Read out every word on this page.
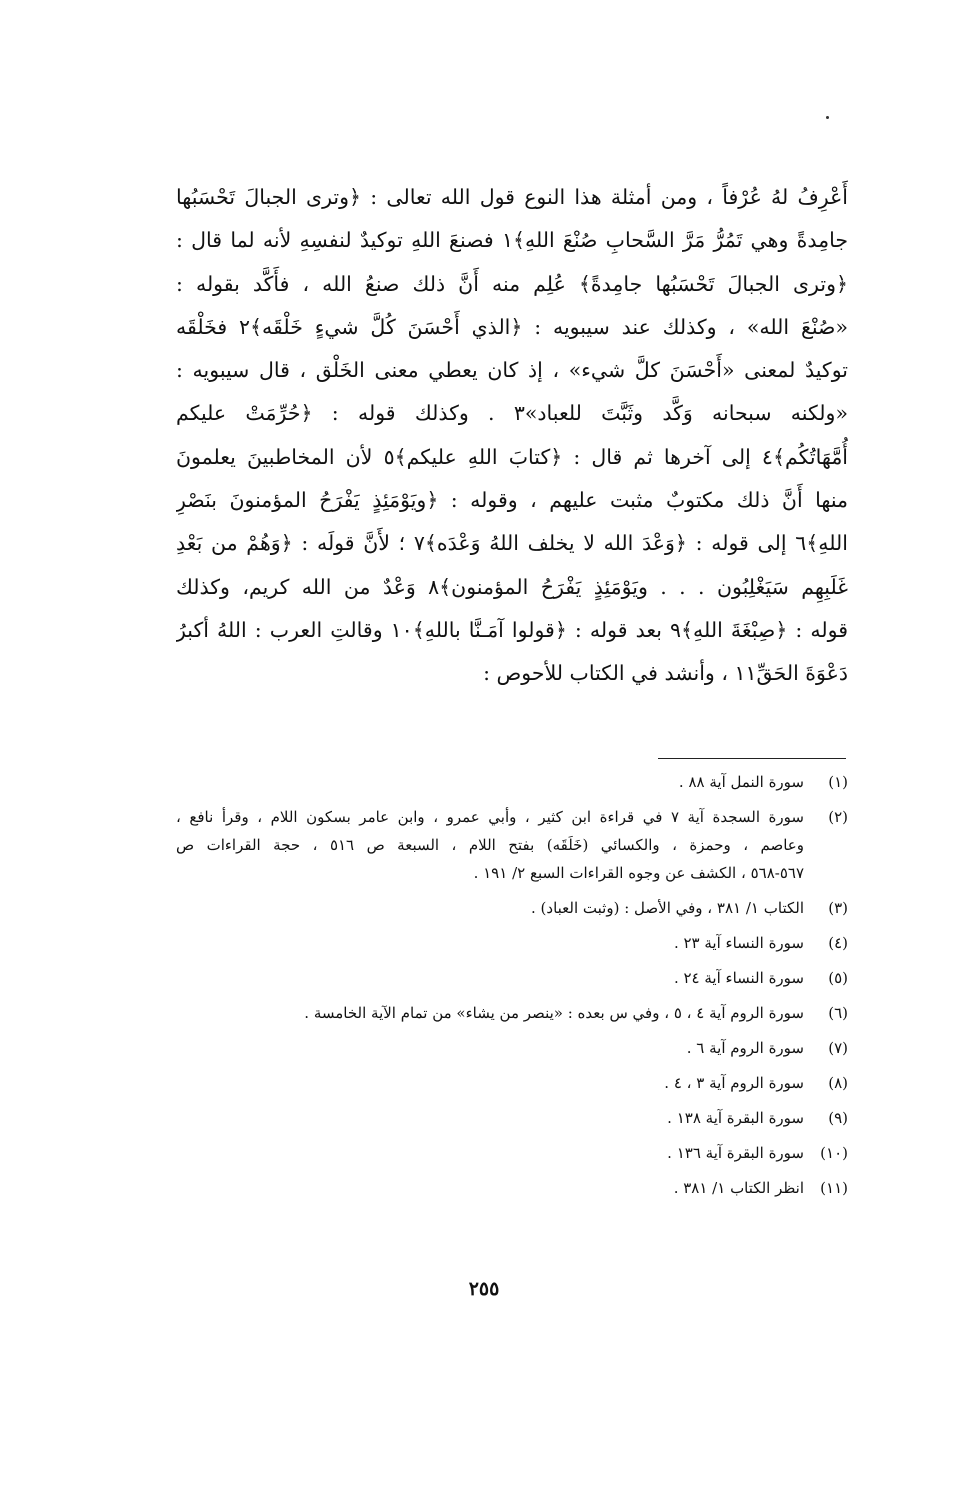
أَعْرِفُ لهُ عُرْفاً ، ومن أمثلة هذا النوع قول الله تعالى : ﴿وترى الجبالَ تَحْسَبُها
جامِدةً وهي تَمُرُّ مَرَّ السَّحابِ صُنْعَ اللهِ﴾١ فصنعَ اللهِ توكيدٌ لنفسِهِ لأنه لما قال :
﴿وترى الجبالَ تَحْسَبُها جامِدةً﴾ عُلِم منه أَنَّ ذلك صنعُ الله ، فأَكَّد بقوله :
«صُنْعَ الله» ، وكذلك عند سيبويه : ﴿الذي أَحْسَنَ كُلَّ شيءٍ خَلْقَه﴾٢ فخَلْقَه
توكيدٌ لمعنى «أَحْسَنَ كلَّ شيء» ، إذ كان يعطي معنى الخَلْق ، قال سيبويه :
«ولكنه سبحانه وَكَّد وثَبَّتَ للعباد»٣ . وكذلك قوله : ﴿حُرِّمَتْ عليكم
أُمَّهَاتُكُم﴾٤ إلى آخرها ثم قال : ﴿كتابَ اللهِ عليكم﴾٥ لأن المخاطبينَ يعلمونَ
منها أَنَّ ذلك مكتوبٌ مثبت عليهم ، وقوله : ﴿ويَوْمَئِذٍ يَفْرَحُ المؤمنونَ بنَصْرِ
اللهِ﴾٦ إلى قوله : ﴿وَعْدَ الله لا يخلف اللهُ وَعْدَه﴾٧ ؛ لأَنَّ قولَه : ﴿وَهُمْ من بَعْدِ
غَلَبِهِم سَيَغْلِبُون . . . ويَوْمَئِذٍ يَفْرَحُ المؤمنون﴾٨ وَعْدٌ من الله كريم، وكذلك
قوله : ﴿صِبْغَةَ اللهِ﴾٩ بعد قوله : ﴿قولوا آمَـنَّا باللهِ﴾١٠ وقالتِ العرب : اللهُ أكبرُ
دَعْوَةَ الحَقِّ١١ ، وأنشد في الكتاب للأحوص :
(١)
سورة النمل آية ٨٨ .
(٢)
سورة السجدة آية ٧ في قراءة ابن كثير ، وأبي عمرو ، وابن عامر بسكون اللام ، وقرأ نافع ،
وعاصم ، وحمزة ، والكسائي (خَلَقَه) بفتح اللام ، السبعة ص ٥١٦ ، حجة القراءات ص
٥٦٧-٥٦٨ ، الكشف عن وجوه القراءات السبع ٢/ ١٩١ .
(٣)
الكتاب ١/ ٣٨١ ، وفي الأصل : (وثبت العباد) .
(٤)
سورة النساء آية ٢٣ .
(٥)
سورة النساء آية ٢٤ .
(٦)
سورة الروم آية ٤ ، ٥ ، وفي س بعده : «ينصر من يشاء» من تمام الآية الخامسة .
(٧)
سورة الروم آية ٦ .
(٨)
سورة الروم آية ٣ ، ٤ .
(٩)
سورة البقرة آية ١٣٨ .
(١٠)
سورة البقرة آية ١٣٦ .
(١١)
انظر الكتاب ١/ ٣٨١ .
٢٥٥
